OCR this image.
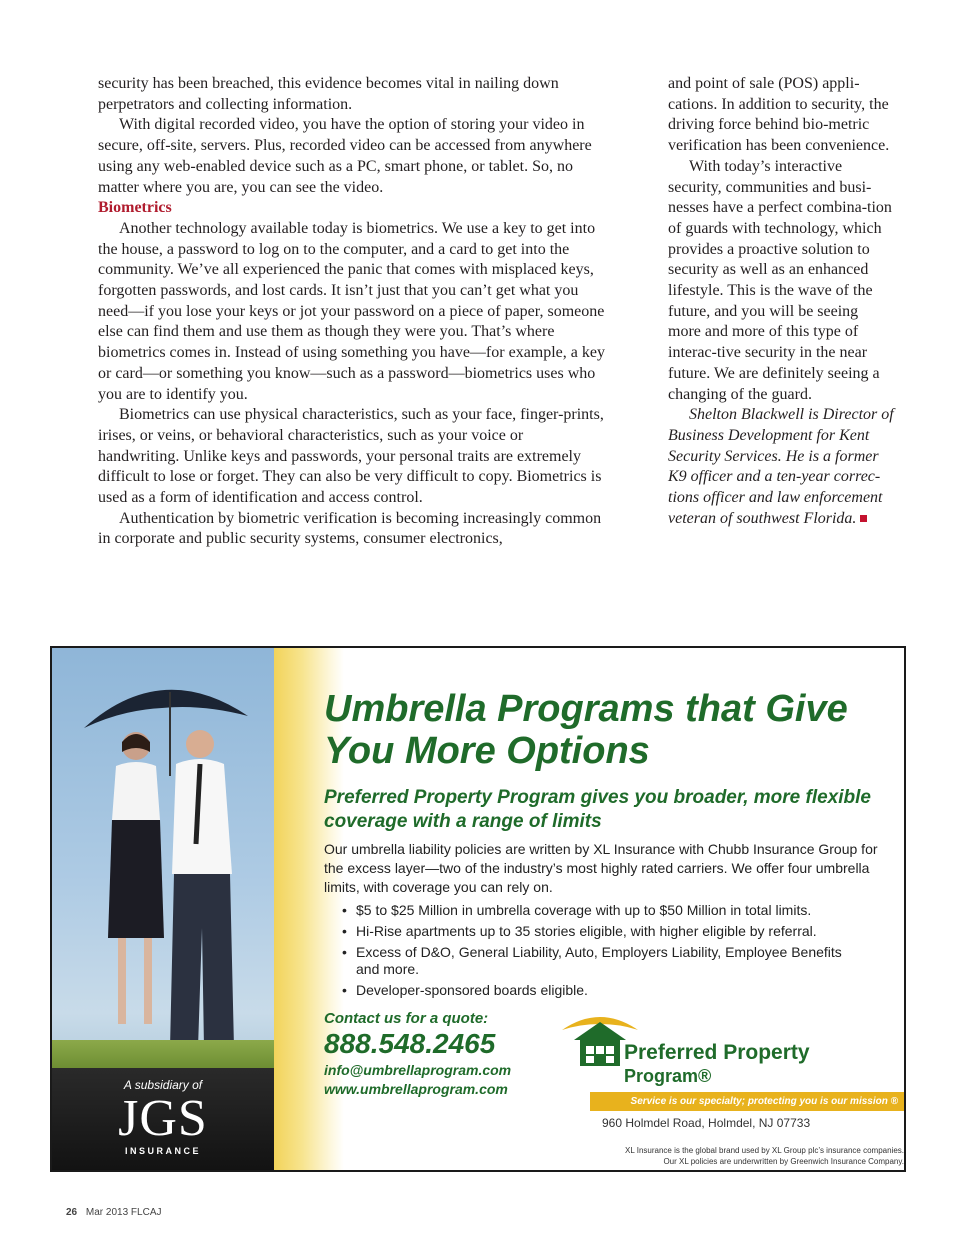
security has been breached, this evidence becomes vital in nailing down perpetrators and collecting information.

With digital recorded video, you have the option of storing your video in secure, off-site, servers. Plus, recorded video can be accessed from anywhere using any web-enabled device such as a PC, smart phone, or tablet. So, no matter where you are, you can see the video.

Biometrics

Another technology available today is biometrics. We use a key to get into the house, a password to log on to the computer, and a card to get into the community. We’ve all experienced the panic that comes with misplaced keys, forgotten passwords, and lost cards. It isn’t just that you can’t get what you need—if you lose your keys or jot your password on a piece of paper, someone else can find them and use them as though they were you. That’s where biometrics comes in. Instead of using something you have—for example, a key or card—or something you know—such as a password—biometrics uses who you are to identify you.

Biometrics can use physical characteristics, such as your face, finger-prints, irises, or veins, or behavioral characteristics, such as your voice or handwriting. Unlike keys and passwords, your personal traits are extremely difficult to lose or forget. They can also be very difficult to copy. Biometrics is used as a form of identification and access control.

Authentication by biometric verification is becoming increasingly common in corporate and public security systems, consumer electronics,

and point of sale (POS) appli-cations. In addition to security, the driving force behind bio-metric verification has been convenience.

With today’s interactive security, communities and busi-nesses have a perfect combina-tion of guards with technology, which provides a proactive solution to security as well as an enhanced lifestyle. This is the wave of the future, and you will be seeing more and more of this type of interac-tive security in the near future. We are definitely seeing a changing of the guard.

Shelton Blackwell is Director of Business Development for Kent Security Services. He is a former K9 officer and a ten-year correc-tions officer and law enforcement veteran of southwest Florida.

A subsidiary of
JGS
INSURANCE
Umbrella Programs that Give You More Options
Preferred Property Program gives you broader, more flexible coverage with a range of limits

Our umbrella liability policies are written by XL Insurance with Chubb Insurance Group for the excess layer—two of the industry’s most highly rated carriers. We offer four umbrella limits, with coverage you can rely on.

• $5 to $25 Million in umbrella coverage with up to $50 Million in total limits.
• Hi-Rise apartments up to 35 stories eligible, with higher eligible by referral.
• Excess of D&O, General Liability, Auto, Employers Liability, Employee Benefits and more.
• Developer-sponsored boards eligible.
Contact us for a quote:
888.548.2465
info@umbrellaprogram.com
www.umbrellaprogram.com
Preferred Property
Program®
Service is our specialty; protecting you is our mission ®
960 Holmdel Road, Holmdel, NJ 07733
XL Insurance is the global brand used by XL Group plc’s insurance companies.
Our XL policies are underwritten by Greenwich Insurance Company.
26 Mar 2013 FLCAJ
